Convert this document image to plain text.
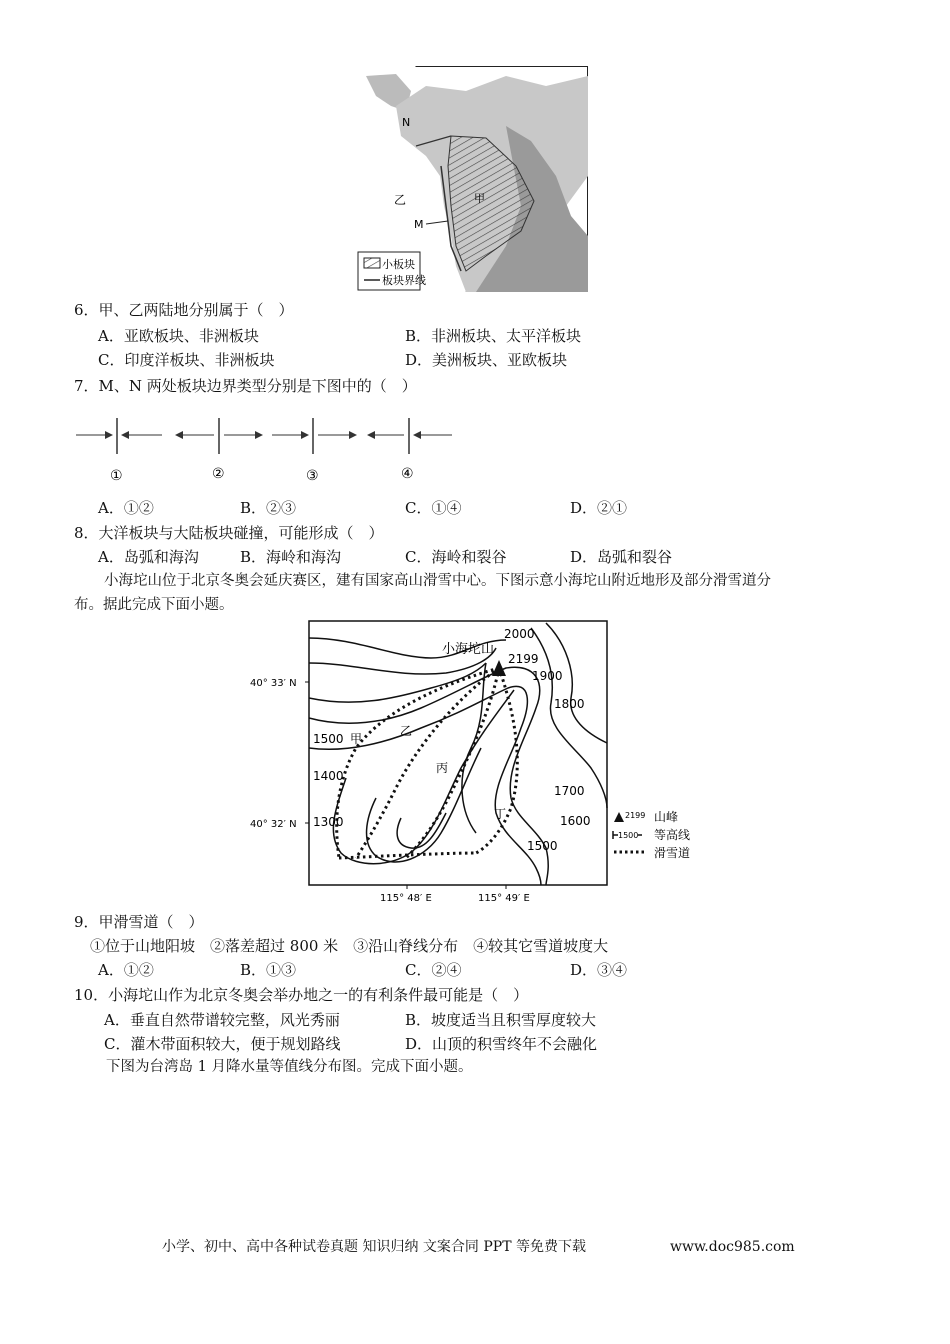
小板块
板块界线
N
乙	甲
M
6．甲、乙两陆地分别属于（　）
A．亚欧板块、非洲板块	B．非洲板块、太平洋板块
C．印度洋板块、非洲板块	D．美洲板块、亚欧板块
7．M、N 两处板块边界类型分别是下图中的（　）
①	②	③	④
A．①②	B．②③	C．①④	D．②①
8．大洋板块与大陆板块碰撞，可能形成（　）
A．岛弧和海沟	B．海岭和海沟	C．海岭和裂谷	D．岛弧和裂谷
小海坨山位于北京冬奥会延庆赛区，建有国家高山滑雪中心。下图示意小海坨山附近地形及部分滑雪道分
布。据此完成下面小题。
小海坨山
2199
2000
1900
1800
1500
1400
1300
1700
1600
1500
甲
乙
丙
丁
40° 33′ N
40° 32′ N
115° 48′ E	115° 49′ E
2199 山峰
1500 等高线
滑雪道
9．甲滑雪道（　）
①位于山地阳坡　②落差超过 800 米　③沿山脊线分布　④较其它雪道坡度大
A．①②	B．①③	C．②④	D．③④
10．小海坨山作为北京冬奥会举办地之一的有利条件最可能是（　）
A．垂直自然带谱较完整，风光秀丽	B．坡度适当且积雪厚度较大
C．灌木带面积较大，便于规划路线	D．山顶的积雪终年不会融化
下图为台湾岛 1 月降水量等值线分布图。完成下面小题。
小学、初中、高中各种试卷真题 知识归纳 文案合同 PPT 等免费下载	www.doc985.com
